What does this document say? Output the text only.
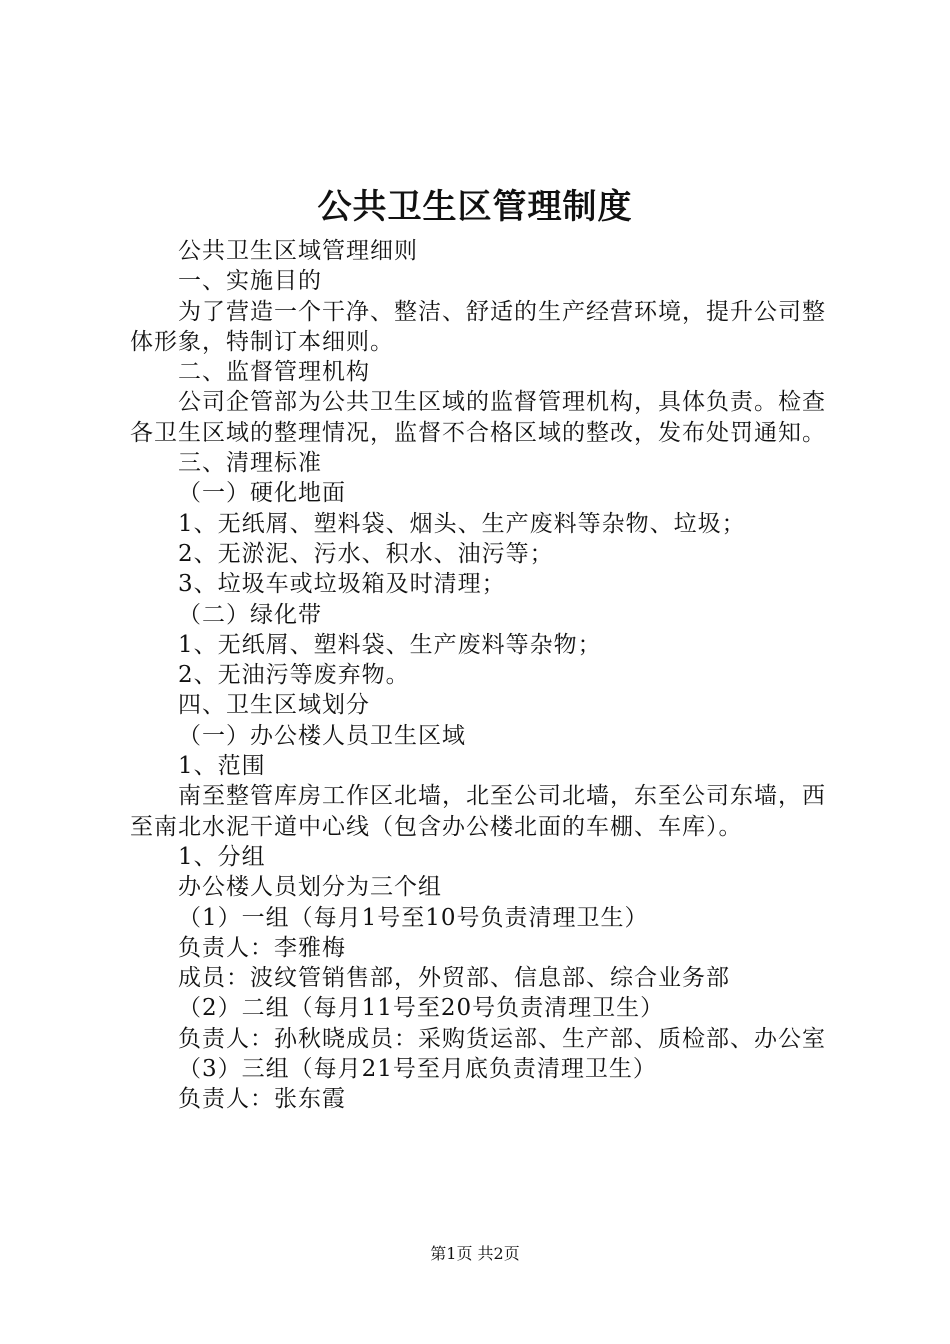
公共卫生区管理制度

公共卫生区域管理细则

一、实施目的

为了营造一个干净、整洁、舒适的生产经营环境，提升公司整体形象，特制订本细则。

二、监督管理机构

公司企管部为公共卫生区域的监督管理机构，具体负责。检查各卫生区域的整理情况，监督不合格区域的整改，发布处罚通知。

三、清理标准

（一）硬化地面

1、无纸屑、塑料袋、烟头、生产废料等杂物、垃圾；

2、无淤泥、污水、积水、油污等；

3、垃圾车或垃圾箱及时清理；

（二）绿化带

1、无纸屑、塑料袋、生产废料等杂物；

2、无油污等废弃物。

四、卫生区域划分

（一）办公楼人员卫生区域

1、范围

南至整管库房工作区北墙，北至公司北墙，东至公司东墙，西至南北水泥干道中心线（包含办公楼北面的车棚、车库）。

1、分组

办公楼人员划分为三个组

（1）一组（每月1号至10号负责清理卫生）

负责人：李雅梅

成员：波纹管销售部，外贸部、信息部、综合业务部

（2）二组（每月11号至20号负责清理卫生）

负责人：孙秋晓成员：采购货运部、生产部、质检部、办公室

（3）三组（每月21号至月底负责清理卫生）

负责人：张东霞

第1页 共2页
